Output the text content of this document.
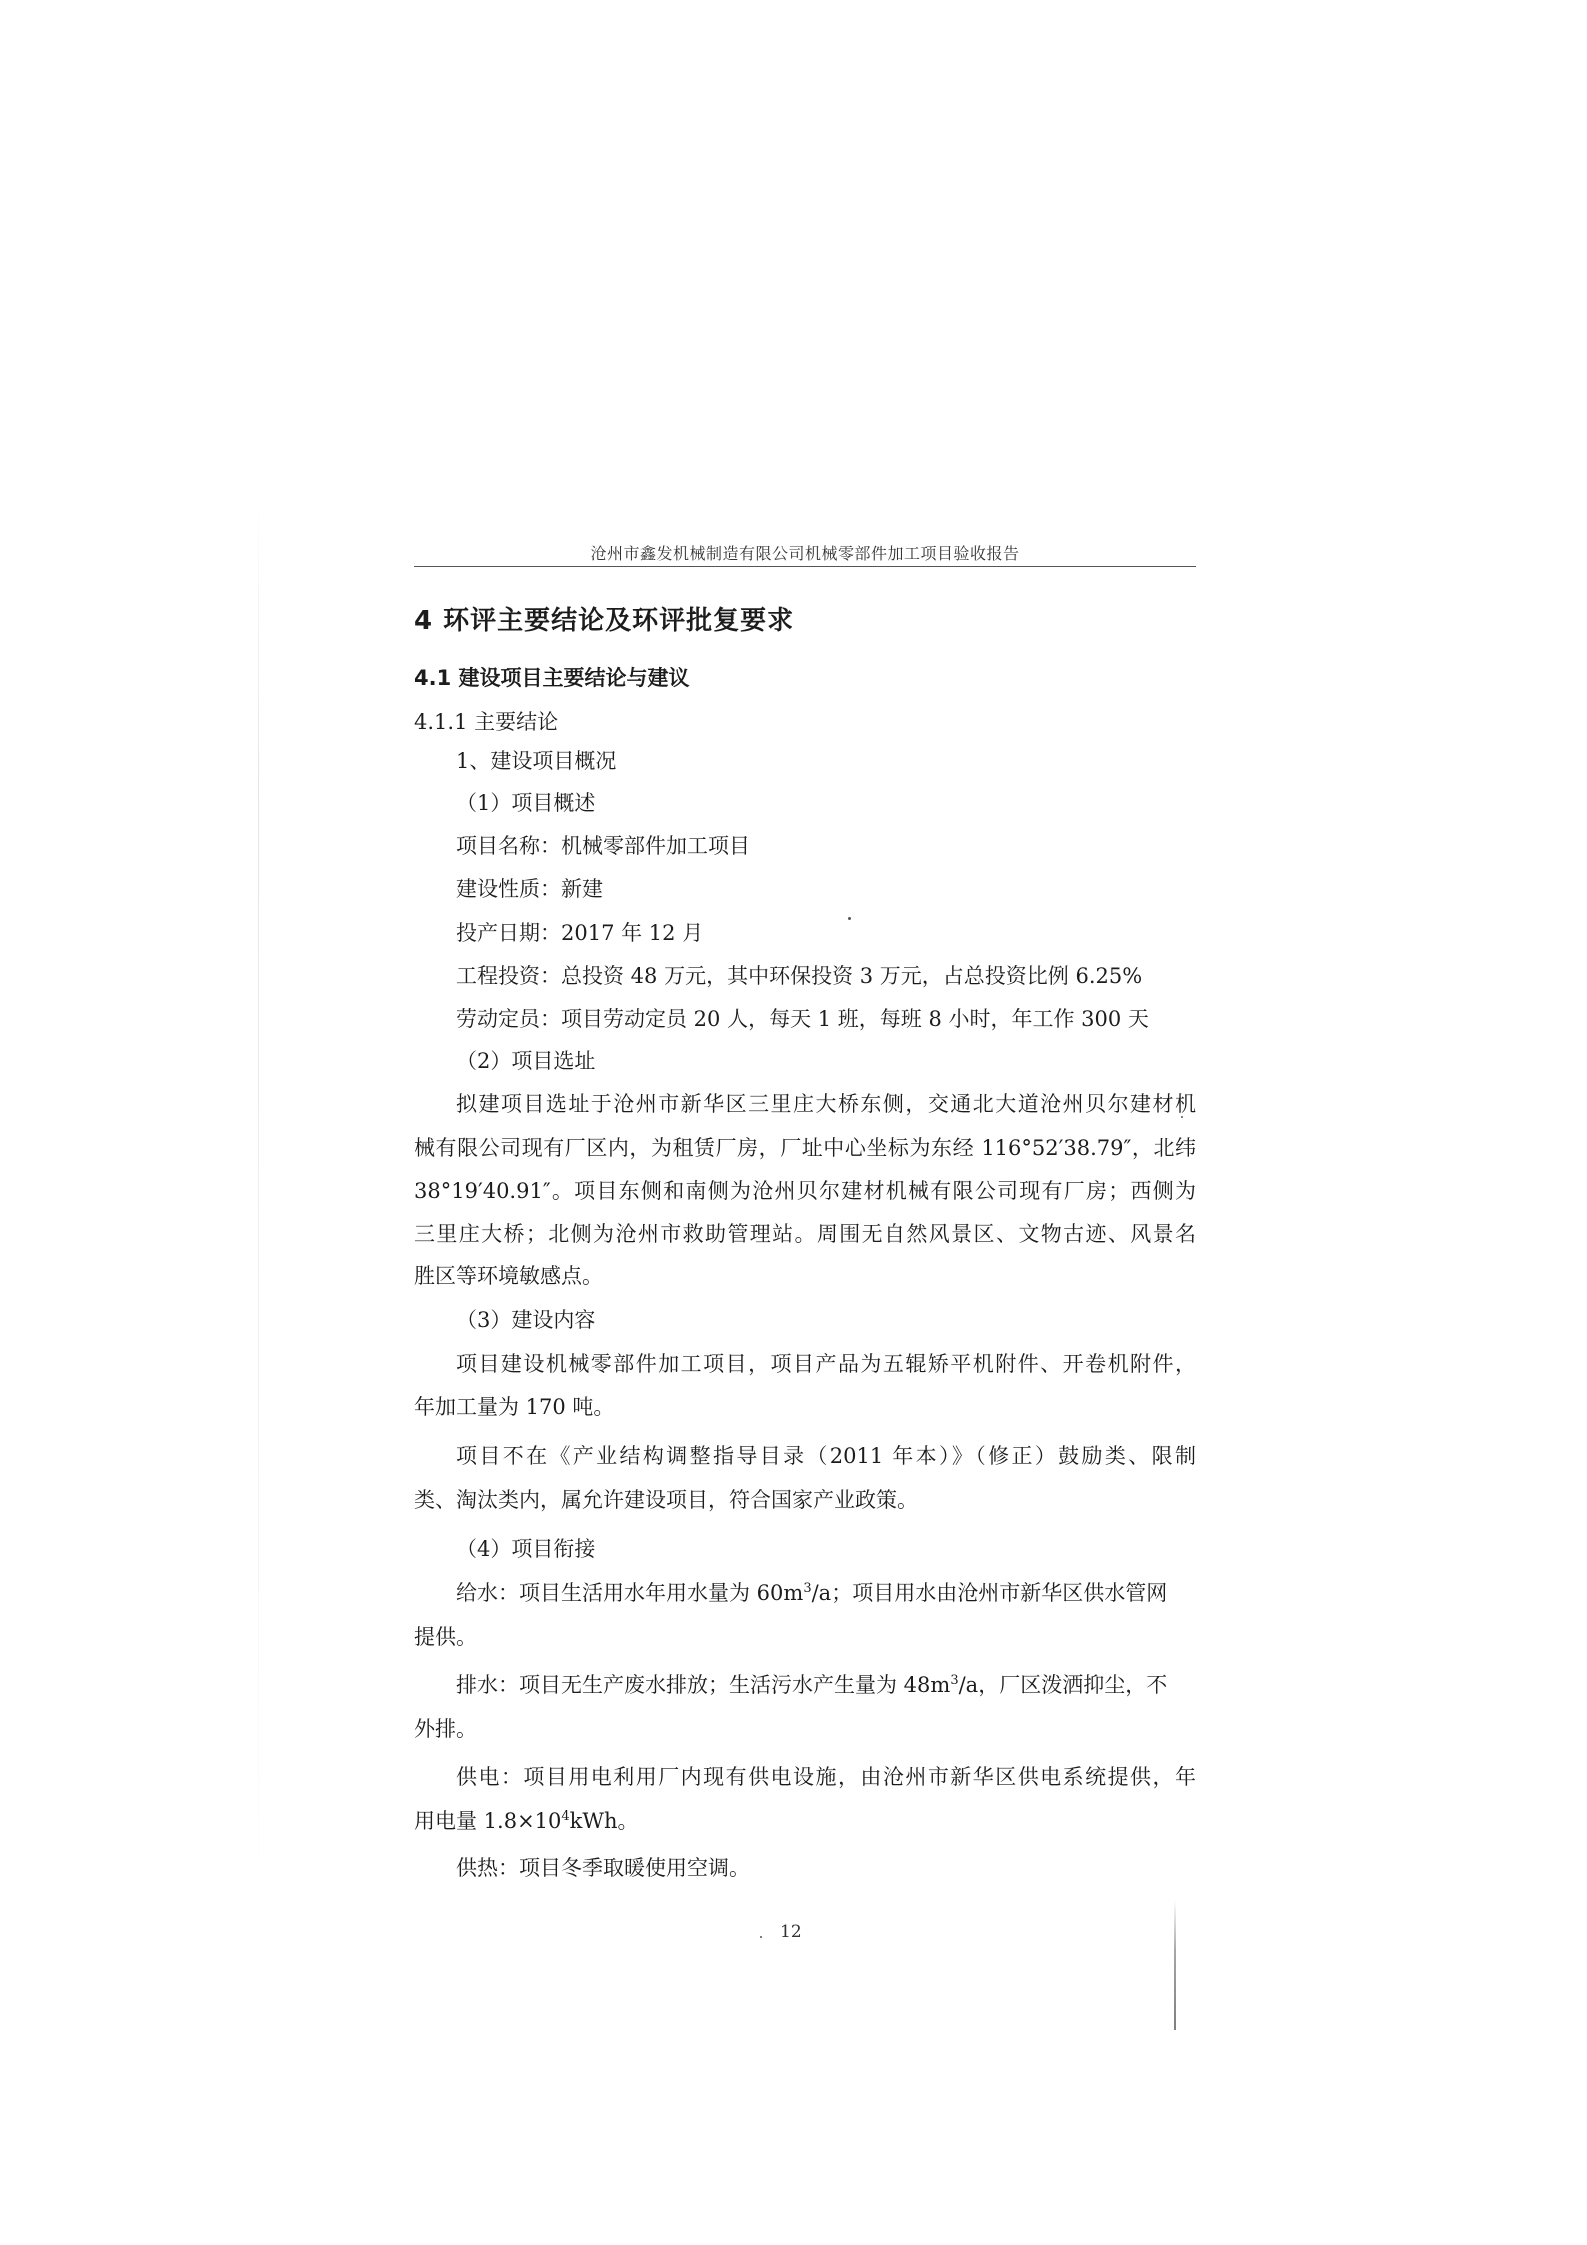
沧州市鑫发机械制造有限公司机械零部件加工项目验收报告
4 环评主要结论及环评批复要求
4.1 建设项目主要结论与建议
4.1.1 主要结论
1、建设项目概况
（1）项目概述
项目名称：机械零部件加工项目
建设性质：新建
投产日期：2017 年 12 月
工程投资：总投资 48 万元，其中环保投资 3 万元，占总投资比例 6.25%
劳动定员：项目劳动定员 20 人，每天 1 班，每班 8 小时，年工作 300 天
（2）项目选址
拟建项目选址于沧州市新华区三里庄大桥东侧，交通北大道沧州贝尔建材机
械有限公司现有厂区内，为租赁厂房，厂址中心坐标为东经 116°52′38.79″，北纬
38°19′40.91″。项目东侧和南侧为沧州贝尔建材机械有限公司现有厂房；西侧为
三里庄大桥；北侧为沧州市救助管理站。周围无自然风景区、文物古迹、风景名
胜区等环境敏感点。
（3）建设内容
项目建设机械零部件加工项目，项目产品为五辊矫平机附件、开卷机附件，
年加工量为 170 吨。
项目不在《产业结构调整指导目录（2011 年本）》（修正）鼓励类、限制
类、淘汰类内，属允许建设项目，符合国家产业政策。
（4）项目衔接
给水：项目生活用水年用水量为 $60m^3/a$；项目用水由沧州市新华区供水管网
提供。
排水：项目无生产废水排放；生活污水产生量为 $48m^3/a$，厂区泼洒抑尘，不
外排。
供电：项目用电利用厂内现有供电设施，由沧州市新华区供电系统提供，年
用电量 $1.8\times 10^4kWh$。
供热：项目冬季取暖使用空调。
12
